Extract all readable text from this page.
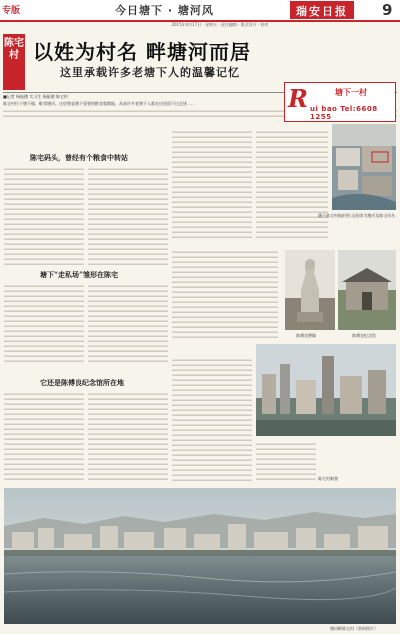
专版	今日塘下 · 塘河风	瑞安日报	9
2015年4月17日 · 星期五 · 责任编辑 · 版式设计 · 校对
陈宅村 以姓为村名 畔塘河而居
这里承载许多老塘下人的温馨记忆
■记者 杨振德 实习生 杨振德 陈宅村
陈宅村位于塘下镇，毗邻塘河。这里曾是塘下重要的粮食集散地，从前许多老塘下人都在这里留下过足迹……	R	塘下一村
ui bao Tel:6608 1255
陈宅码头，曾经有个粮食中转站
塘下陈宅村航拍图 远处即为塘河及陈宅码头
陈傅良塑像	陈傅良纪念馆
塘下“走私场”雏形在陈宅
它还是陈傅良纪念馆所在地
陈宅村新貌
塘河畔陈宅村（资料图片）
